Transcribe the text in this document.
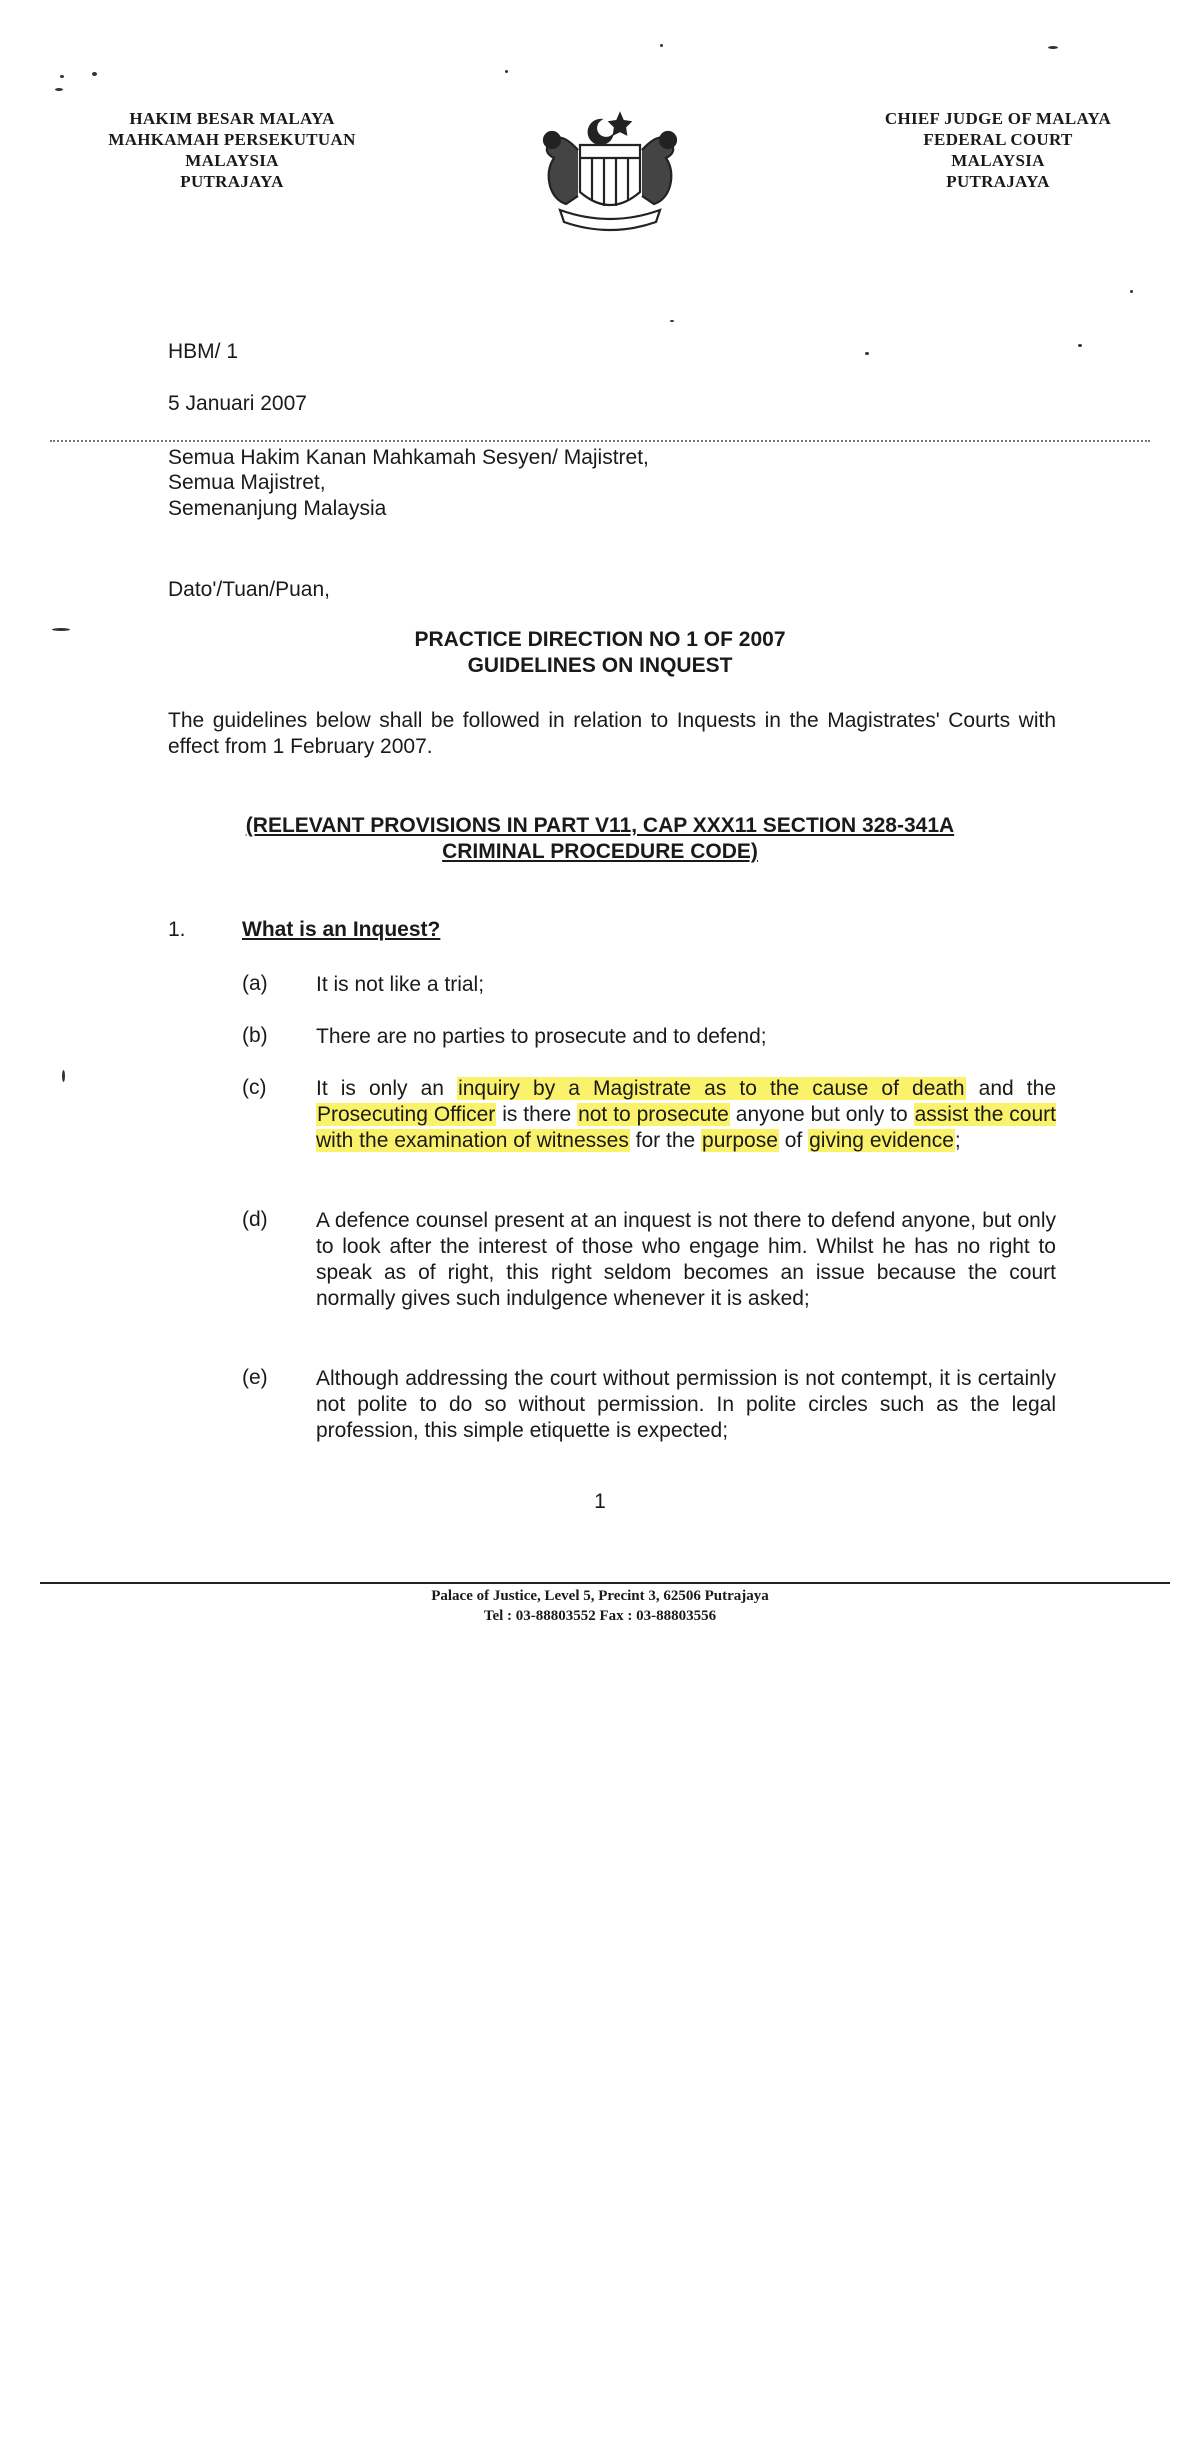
HAKIM BESAR MALAYA
MAHKAMAH PERSEKUTUAN
MALAYSIA
PUTRAJAYA
CHIEF JUDGE OF MALAYA
FEDERAL COURT
MALAYSIA
PUTRAJAYA
HBM/ 1
5 Januari 2007
Semua Hakim Kanan Mahkamah Sesyen/ Majistret,
Semua Majistret,
Semenanjung Malaysia
Dato'/Tuan/Puan,
PRACTICE DIRECTION NO 1 OF 2007
GUIDELINES ON INQUEST
The guidelines below shall be followed in relation to Inquests in the Magistrates' Courts with effect from 1 February 2007.
(RELEVANT PROVISIONS IN PART V11, CAP XXX11 SECTION 328-341A
CRIMINAL PROCEDURE CODE)
1.	What is an Inquest?
(a) It is not like a trial;
(b) There are no parties to prosecute and to defend;
(c) It is only an inquiry by a Magistrate as to the cause of death and the Prosecuting Officer is there not to prosecute anyone but only to assist the court with the examination of witnesses for the purpose of giving evidence;
(d) A defence counsel present at an inquest is not there to defend anyone, but only to look after the interest of those who engage him. Whilst he has no right to speak as of right, this right seldom becomes an issue because the court normally gives such indulgence whenever it is asked;
(e) Although addressing the court without permission is not contempt, it is certainly not polite to do so without permission. In polite circles such as the legal profession, this simple etiquette is expected;
1
Palace of Justice, Level 5, Precint 3, 62506 Putrajaya
Tel : 03-88803552 Fax : 03-88803556
